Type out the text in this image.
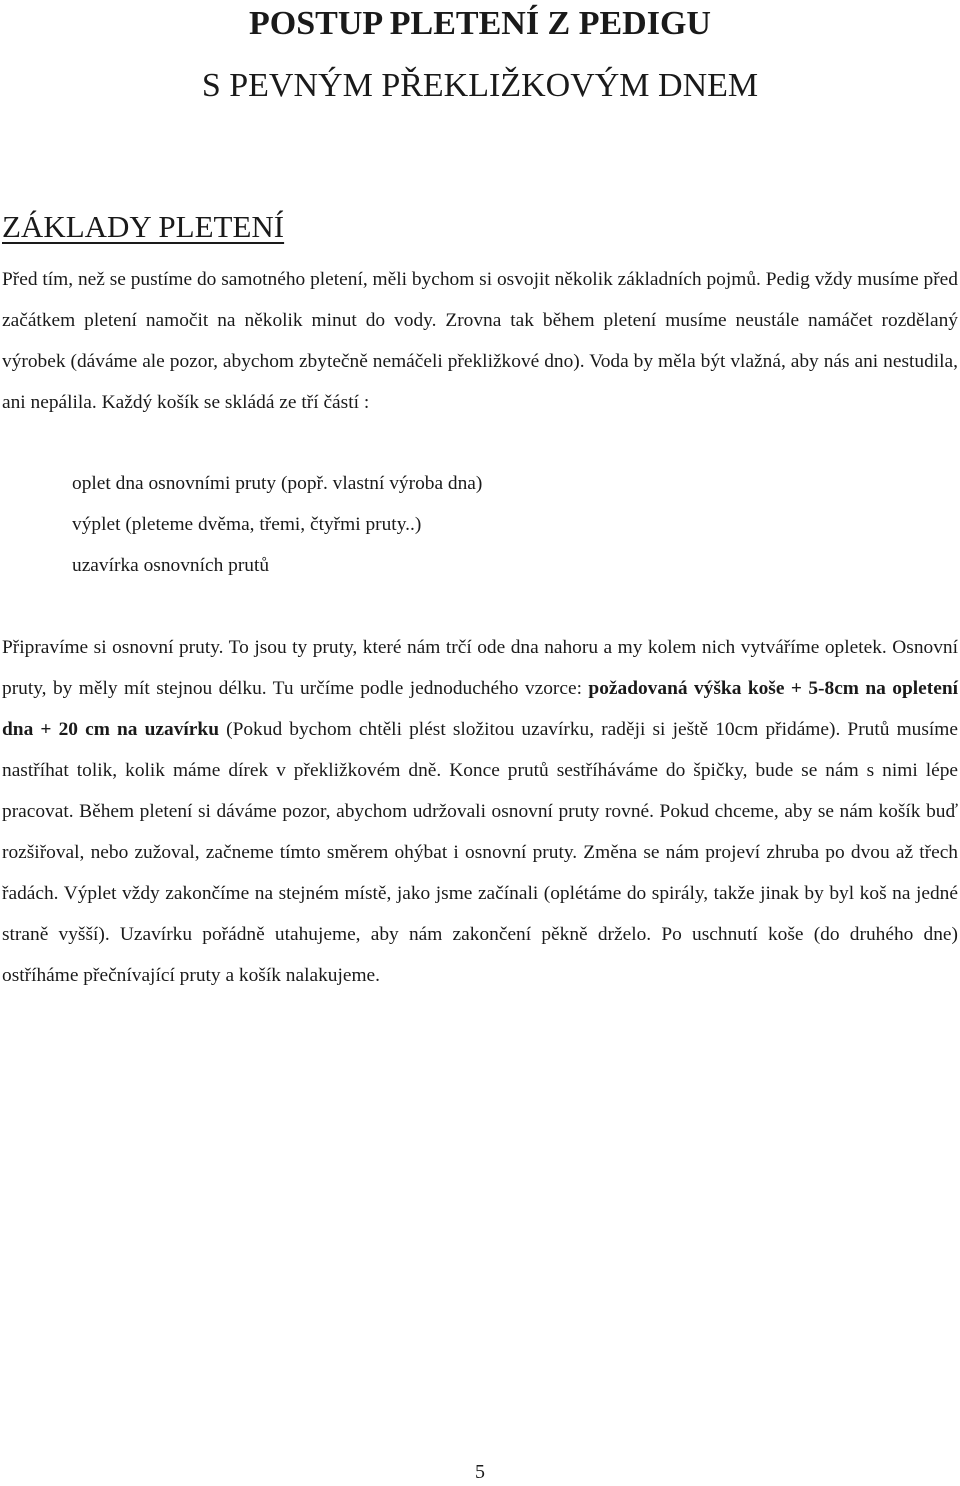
POSTUP PLETENÍ Z PEDIGU
S PEVNÝM PŘEKLIŽKOVÝM DNEM
ZÁKLADY PLETENÍ

Před tím, než se pustíme do samotného pletení, měli bychom si osvojit několik základních pojmů. Pedig vždy musíme před začátkem pletení namočit na několik minut do vody. Zrovna tak během pletení musíme neustále namáčet rozdělaný výrobek (dáváme ale pozor, abychom zbytečně nemáčeli překližkové dno). Voda by měla být vlažná, aby nás ani nestudila, ani nepálila. Každý košík se skládá ze tří částí :

oplet dna osnovními pruty (popř. vlastní výroba dna)
výplet (pleteme dvěma, třemi, čtyřmi pruty..)
uzavírka osnovních prutů

Připravíme si osnovní pruty. To jsou ty pruty, které nám trčí ode dna nahoru a my kolem nich vytváříme opletek. Osnovní pruty, by měly mít stejnou délku. Tu určíme podle jednoduchého vzorce: požadovaná výška koše + 5-8cm na opletení dna + 20 cm na uzavírku (Pokud bychom chtěli plést složitou uzavírku, raději si ještě 10cm přidáme). Prutů musíme nastříhat tolik, kolik máme dírek v překližkovém dně. Konce prutů sestříháváme do špičky, bude se nám s nimi lépe pracovat. Během pletení si dáváme pozor, abychom udržovali osnovní pruty rovné. Pokud chceme, aby se nám košík buď rozšiřoval, nebo zužoval, začneme tímto směrem ohýbat i osnovní pruty. Změna se nám projeví zhruba po dvou až třech řadách. Výplet vždy zakončíme na stejném místě, jako jsme začínali (oplétáme do spirály, takže jinak by byl koš na jedné straně vyšší). Uzavírku pořádně utahujeme, aby nám zakončení pěkně drželo. Po uschnutí koše (do druhého dne) ostříháme přečnívající pruty a košík nalakujeme.

5
